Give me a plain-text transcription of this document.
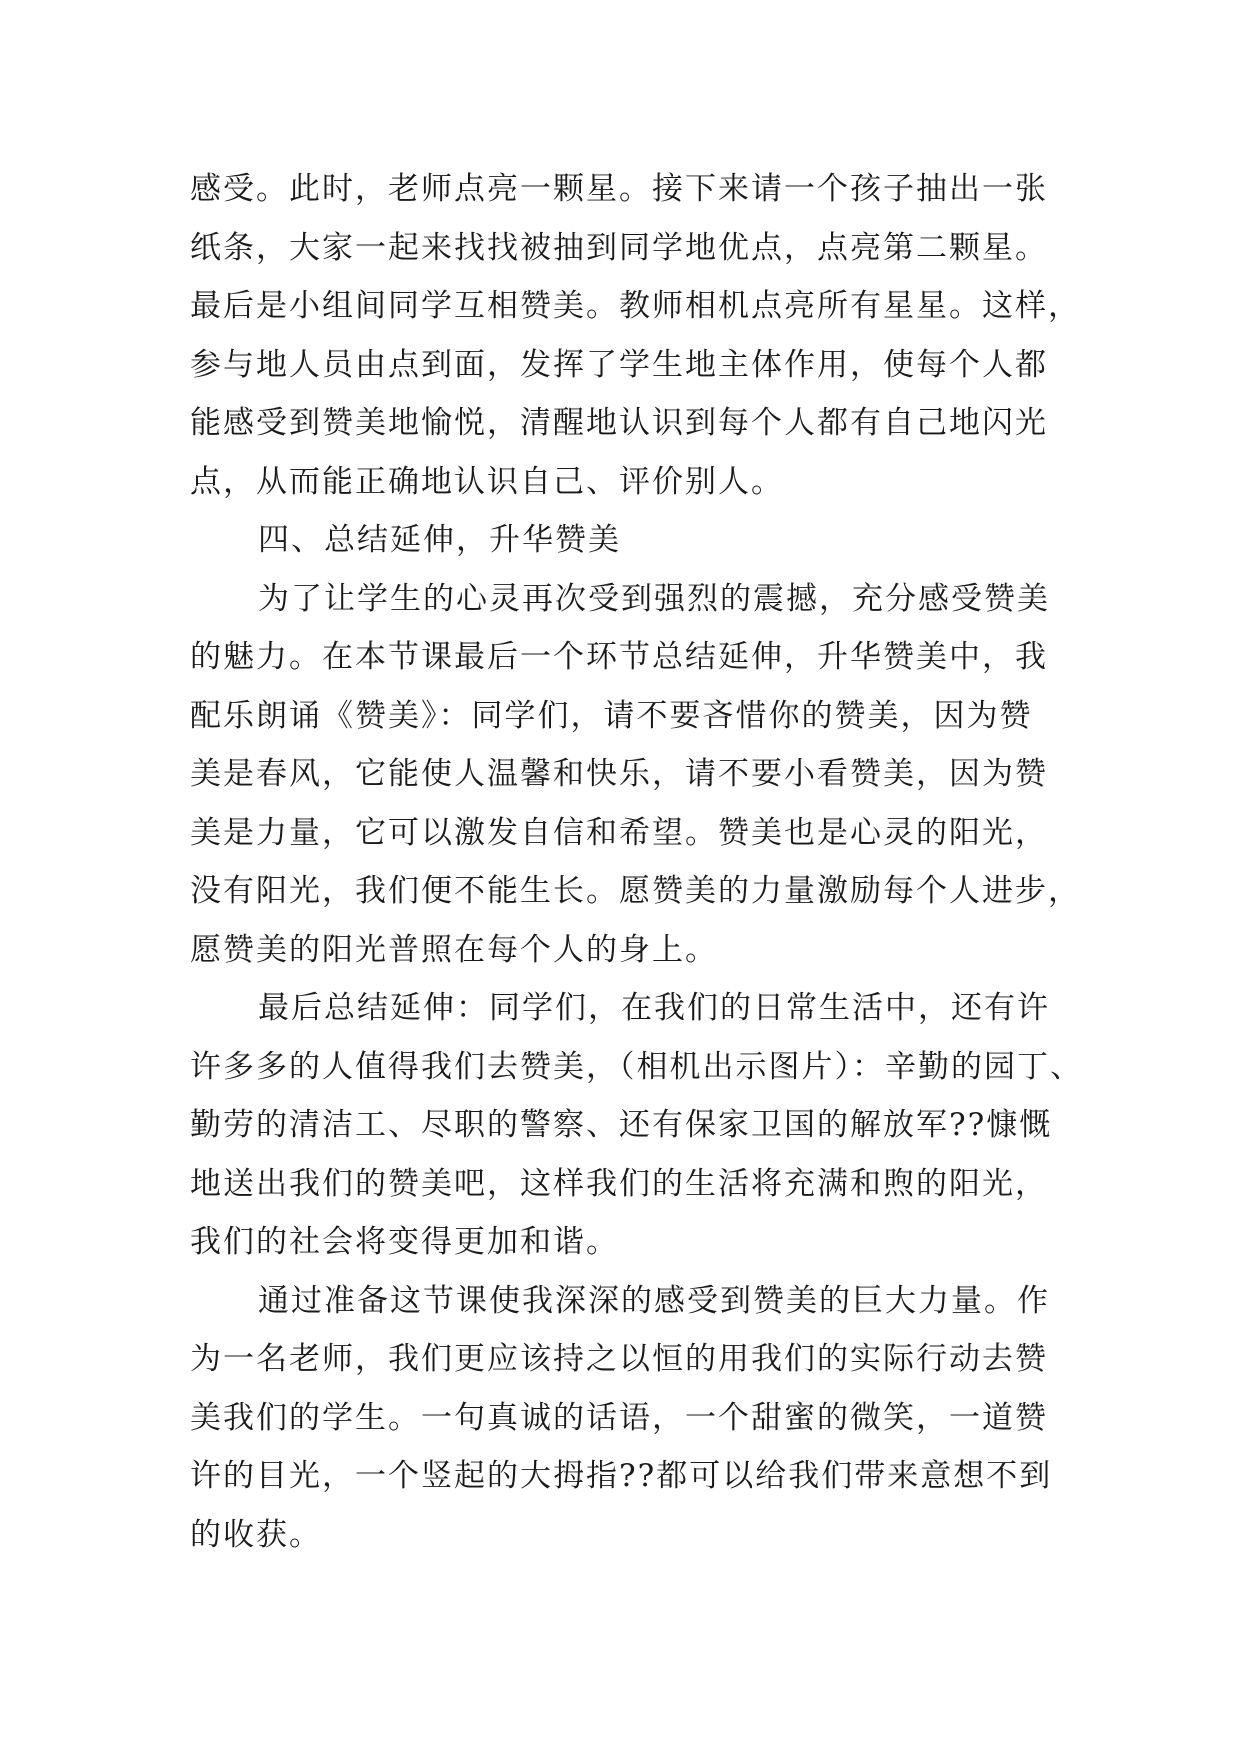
感受。此时，老师点亮一颗星。接下来请一个孩子抽出一张
纸条，大家一起来找找被抽到同学地优点，点亮第二颗星。
最后是小组间同学互相赞美。教师相机点亮所有星星。这样，
参与地人员由点到面，发挥了学生地主体作用，使每个人都
能感受到赞美地愉悦，清醒地认识到每个人都有自己地闪光
点，从而能正确地认识自己、评价别人。
四、总结延伸，升华赞美
为了让学生的心灵再次受到强烈的震撼，充分感受赞美
的魅力。在本节课最后一个环节总结延伸，升华赞美中，我
配乐朗诵《赞美》：同学们，请不要吝惜你的赞美，因为赞
美是春风，它能使人温馨和快乐，请不要小看赞美，因为赞
美是力量，它可以激发自信和希望。赞美也是心灵的阳光，
没有阳光，我们便不能生长。愿赞美的力量激励每个人进步，
愿赞美的阳光普照在每个人的身上。
最后总结延伸：同学们，在我们的日常生活中，还有许
许多多的人值得我们去赞美，（相机出示图片）：辛勤的园丁、
勤劳的清洁工、尽职的警察、还有保家卫国的解放军??慷慨
地送出我们的赞美吧，这样我们的生活将充满和煦的阳光，
我们的社会将变得更加和谐。
通过准备这节课使我深深的感受到赞美的巨大力量。作
为一名老师，我们更应该持之以恒的用我们的实际行动去赞
美我们的学生。一句真诚的话语，一个甜蜜的微笑，一道赞
许的目光，一个竖起的大拇指??都可以给我们带来意想不到
的收获。
